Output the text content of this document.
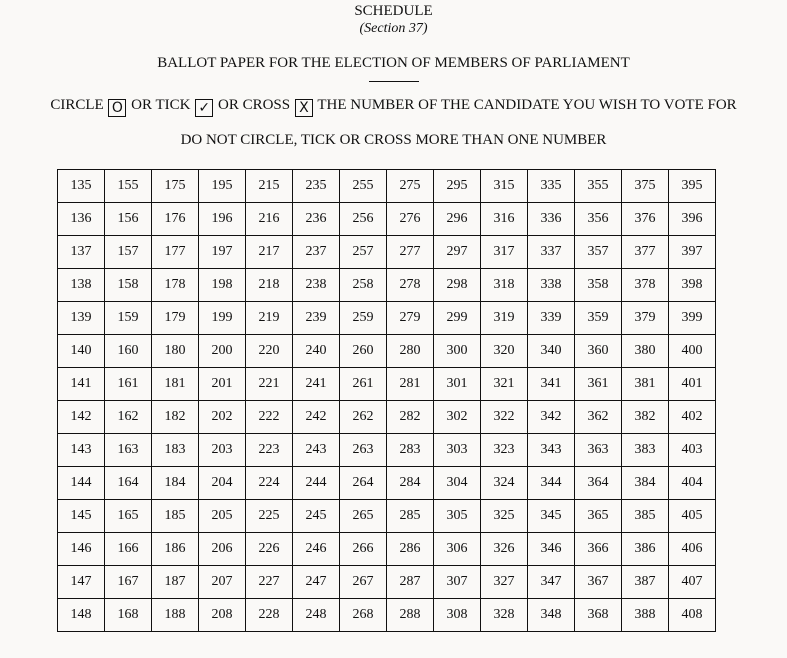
SCHEDULE
(Section 37)
BALLOT PAPER FOR THE ELECTION OF MEMBERS OF PARLIAMENT
CIRCLE O OR TICK ✓ OR CROSS X THE NUMBER OF THE CANDIDATE YOU WISH TO VOTE FOR
DO NOT CIRCLE, TICK OR CROSS MORE THAN ONE NUMBER
135	155	175	195	215	235	255	275	295	315	335	355	375	395
136	156	176	196	216	236	256	276	296	316	336	356	376	396
137	157	177	197	217	237	257	277	297	317	337	357	377	397
138	158	178	198	218	238	258	278	298	318	338	358	378	398
139	159	179	199	219	239	259	279	299	319	339	359	379	399
140	160	180	200	220	240	260	280	300	320	340	360	380	400
141	161	181	201	221	241	261	281	301	321	341	361	381	401
142	162	182	202	222	242	262	282	302	322	342	362	382	402
143	163	183	203	223	243	263	283	303	323	343	363	383	403
144	164	184	204	224	244	264	284	304	324	344	364	384	404
145	165	185	205	225	245	265	285	305	325	345	365	385	405
146	166	186	206	226	246	266	286	306	326	346	366	386	406
147	167	187	207	227	247	267	287	307	327	347	367	387	407
148	168	188	208	228	248	268	288	308	328	348	368	388	408
